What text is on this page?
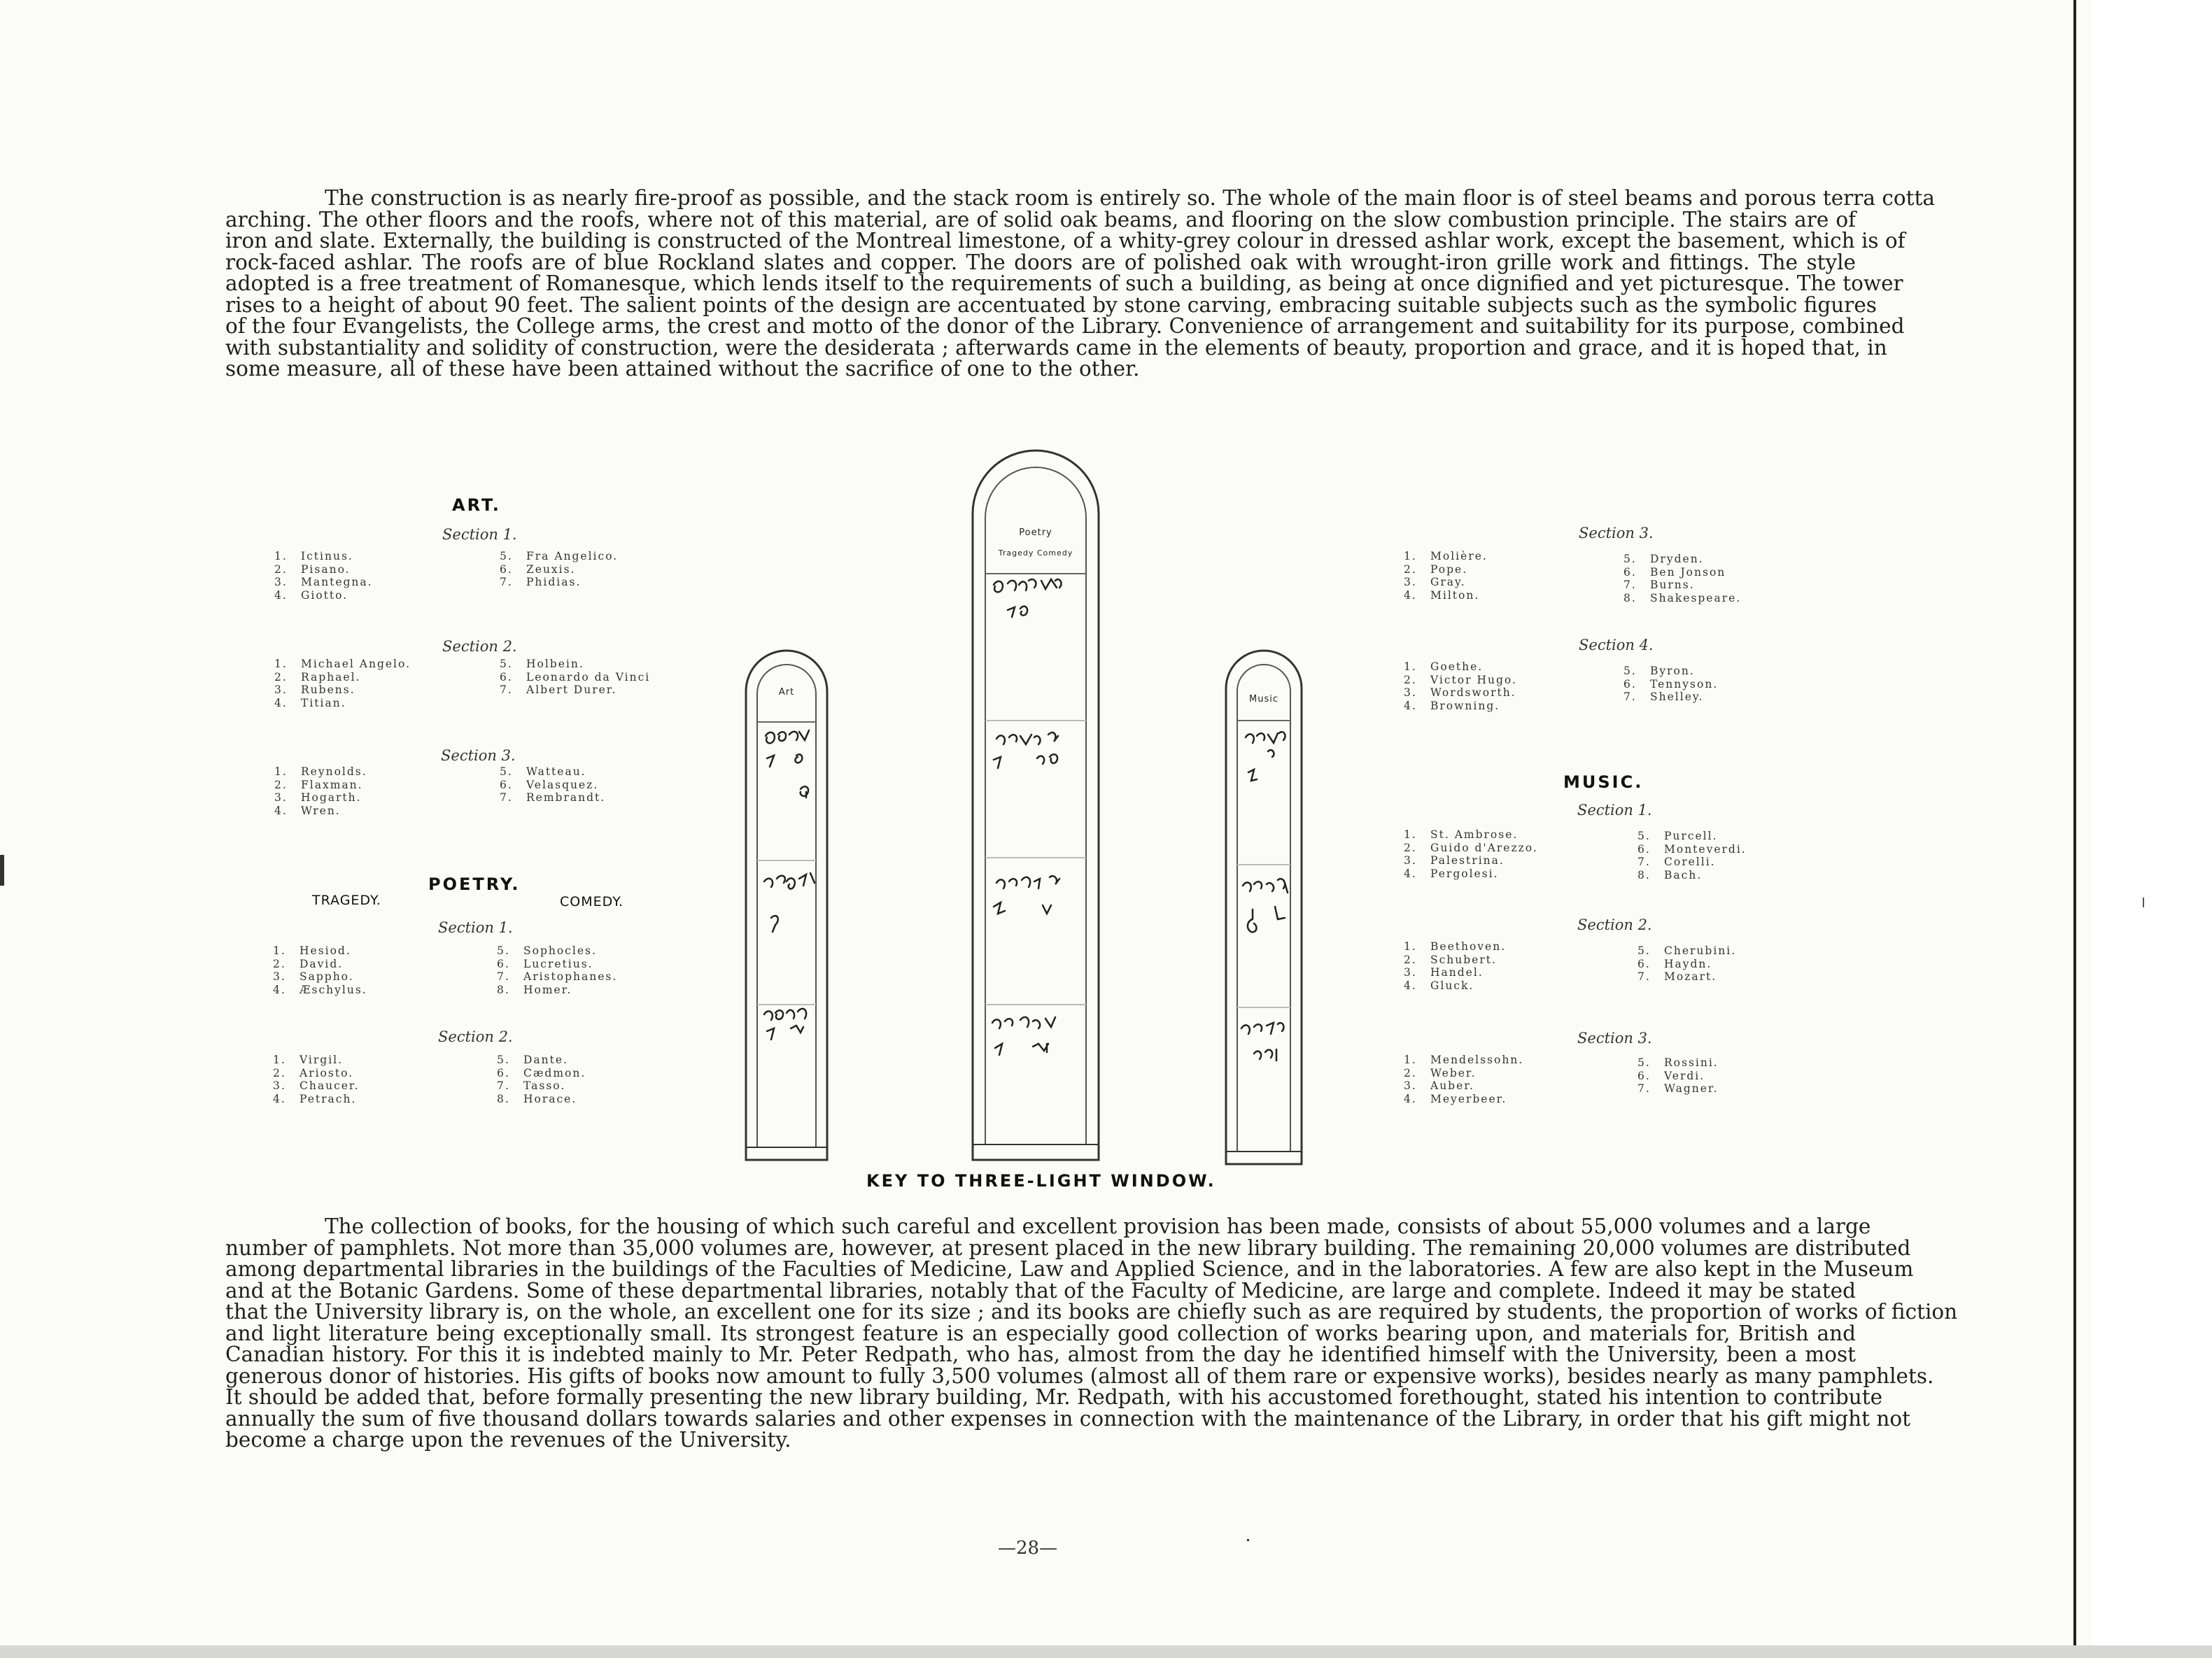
The construction is as nearly fire-proof as possible, and the stack room is entirely so. The whole of the main floor is of steel beams and porous terra cotta
arching. The other floors and the roofs, where not of this material, are of solid oak beams, and flooring on the slow combustion principle. The stairs are of
iron and slate. Externally, the building is constructed of the Montreal limestone, of a whity-grey colour in dressed ashlar work, except the basement, which is of
rock-faced ashlar. The roofs are of blue Rockland slates and copper. The doors are of polished oak with wrought-iron grille work and fittings. The style
adopted is a free treatment of Romanesque, which lends itself to the requirements of such a building, as being at once dignified and yet picturesque. The tower
rises to a height of about 90 feet. The salient points of the design are accentuated by stone carving, embracing suitable subjects such as the symbolic figures
of the four Evangelists, the College arms, the crest and motto of the donor of the Library. Convenience of arrangement and suitability for its purpose, combined
with substantiality and solidity of construction, were the desiderata ; afterwards came in the elements of beauty, proportion and grace, and it is hoped that, in
some measure, all of these have been attained without the sacrifice of one to the other.
ART.
Section 1.
1. Ictinus.
2. Pisano.
3. Mantegna.
4. Giotto.
5. Fra Angelico.
6. Zeuxis.
7. Phidias.
Section 2.
1. Michael Angelo.
2. Raphael.
3. Rubens.
4. Titian.
5. Holbein.
6. Leonardo da Vinci
7. Albert Durer.
Section 3.
1. Reynolds.
2. Flaxman.
3. Hogarth.
4. Wren.
5. Watteau.
6. Velasquez.
7. Rembrandt.
POETRY.
TRAGEDY.	COMEDY.
Section 1.
1. Hesiod.
2. David.
3. Sappho.
4. Æschylus.
5. Sophocles.
6. Lucretius.
7. Aristophanes.
8. Homer.
Section 2.
1. Virgil.
2. Ariosto.
3. Chaucer.
4. Petrach.
5. Dante.
6. Cædmon.
7. Tasso.
8. Horace.
Section 3.
1. Molière.
2. Pope.
3. Gray.
4. Milton.
5. Dryden.
6. Ben Jonson
7. Burns.
8. Shakespeare.
Section 4.
1. Goethe.
2. Victor Hugo.
3. Wordsworth.
4. Browning.
5. Byron.
6. Tennyson.
7. Shelley.
MUSIC.
Section 1.
1. St. Ambrose.
2. Guido d'Arezzo.
3. Palestrina.
4. Pergolesi.
5. Purcell.
6. Monteverdi.
7. Corelli.
8. Bach.
Section 2.
1. Beethoven.
2. Schubert.
3. Handel.
4. Gluck.
5. Cherubini.
6. Haydn.
7. Mozart.
Section 3.
1. Mendelssohn.
2. Weber.
3. Auber.
4. Meyerbeer.
5. Rossini.
6. Verdi.
7. Wagner.
Art
Poetry
Tragedy Comedy
Music
KEY TO THREE-LIGHT WINDOW.
The collection of books, for the housing of which such careful and excellent provision has been made, consists of about 55,000 volumes and a large
number of pamphlets. Not more than 35,000 volumes are, however, at present placed in the new library building. The remaining 20,000 volumes are distributed
among departmental libraries in the buildings of the Faculties of Medicine, Law and Applied Science, and in the laboratories. A few are also kept in the Museum
and at the Botanic Gardens. Some of these departmental libraries, notably that of the Faculty of Medicine, are large and complete. Indeed it may be stated
that the University library is, on the whole, an excellent one for its size ; and its books are chiefly such as are required by students, the proportion of works of fiction
and light literature being exceptionally small. Its strongest feature is an especially good collection of works bearing upon, and materials for, British and
Canadian history. For this it is indebted mainly to Mr. Peter Redpath, who has, almost from the day he identified himself with the University, been a most
generous donor of histories. His gifts of books now amount to fully 3,500 volumes (almost all of them rare or expensive works), besides nearly as many pamphlets.
It should be added that, before formally presenting the new library building, Mr. Redpath, with his accustomed forethought, stated his intention to contribute
annually the sum of five thousand dollars towards salaries and other expenses in connection with the maintenance of the Library, in order that his gift might not
become a charge upon the revenues of the University.
—28—
